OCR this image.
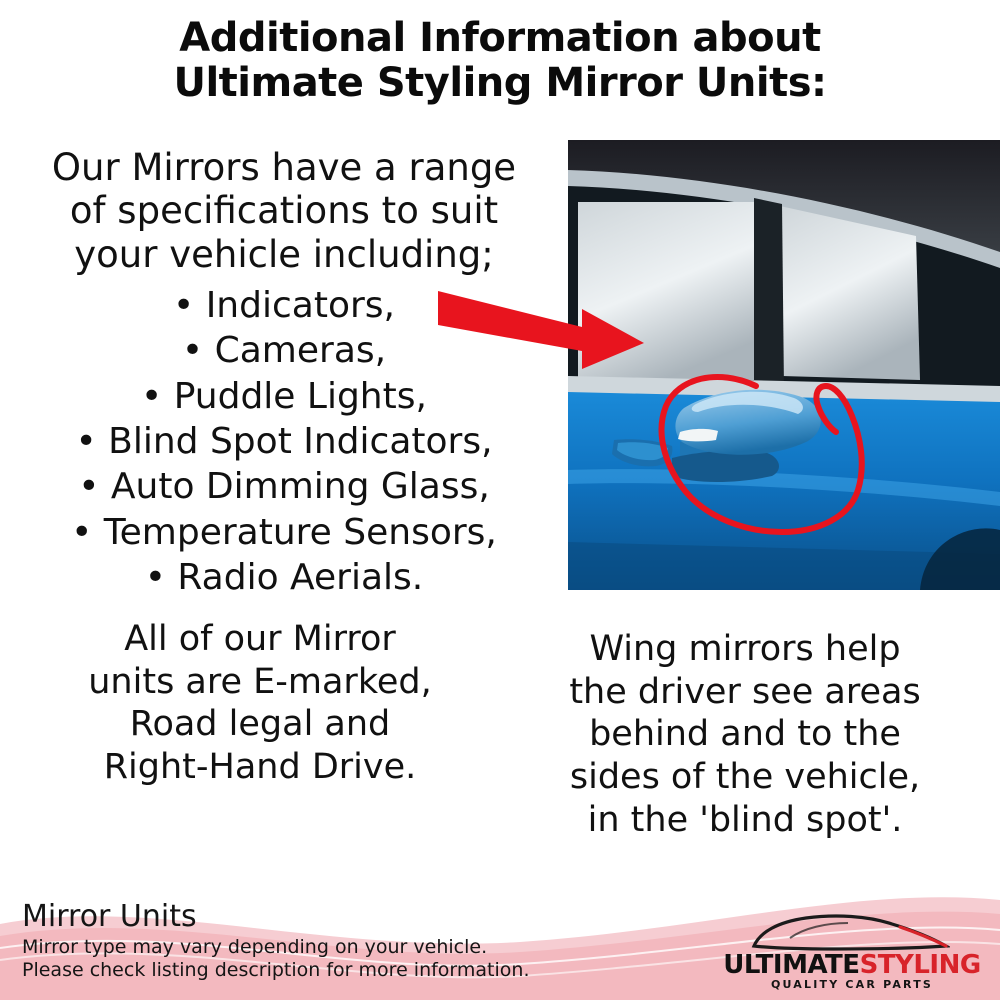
Additional Information about
Ultimate Styling Mirror Units:
Our Mirrors have a range
of specifications to suit
your vehicle including;
• Indicators,
• Cameras,
• Puddle Lights,
• Blind Spot Indicators,
• Auto Dimming Glass,
• Temperature Sensors,
• Radio Aerials.
All of our Mirror
units are E-marked,
Road legal and
Right-Hand Drive.
Wing mirrors help
the driver see areas
behind and to the
sides of the vehicle,
in the 'blind spot'.
Mirror Units
Mirror type may vary depending on your vehicle.
Please check listing description for more information.	ULTIMATESTYLING
QUALITY CAR PARTS
